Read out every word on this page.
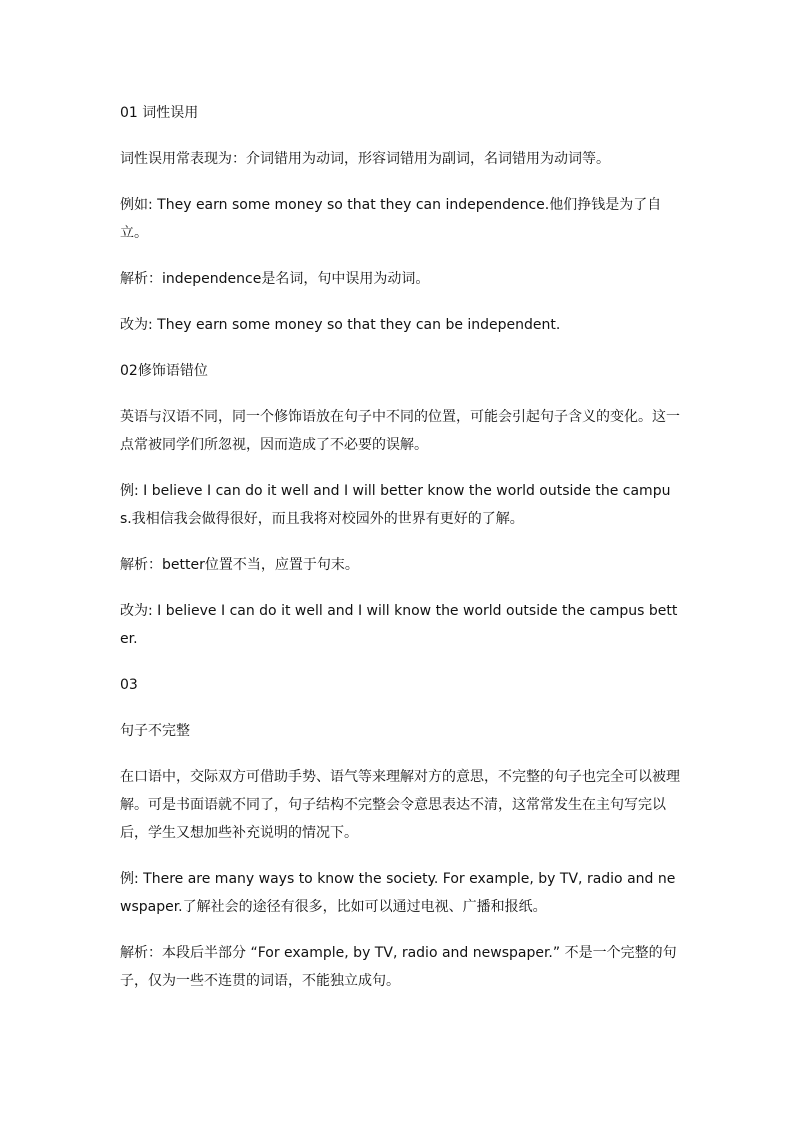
01 词性误用

词性误用常表现为：介词错用为动词，形容词错用为副词，名词错用为动词等。

例如: They earn some money so that they can independence.他们挣钱是为了自立。

解析：independence是名词，句中误用为动词。

改为: They earn some money so that they can be independent.

02修饰语错位

英语与汉语不同，同一个修饰语放在句子中不同的位置，可能会引起句子含义的变化。这一点常被同学们所忽视，因而造成了不必要的误解。

例: I believe I can do it well and I will better know the world outside the campus.我相信我会做得很好，而且我将对校园外的世界有更好的了解。

解析：better位置不当，应置于句末。

改为: I believe I can do it well and I will know the world outside the campus better.

03

句子不完整

在口语中，交际双方可借助手势、语气等来理解对方的意思，不完整的句子也完全可以被理解。可是书面语就不同了，句子结构不完整会令意思表达不清，这常常发生在主句写完以后，学生又想加些补充说明的情况下。

例: There are many ways to know the society. For example, by TV, radio and newspaper.了解社会的途径有很多，比如可以通过电视、广播和报纸。

解析：本段后半部分 “For example, by TV, radio and newspaper.” 不是一个完整的句子，仅为一些不连贯的词语，不能独立成句。
